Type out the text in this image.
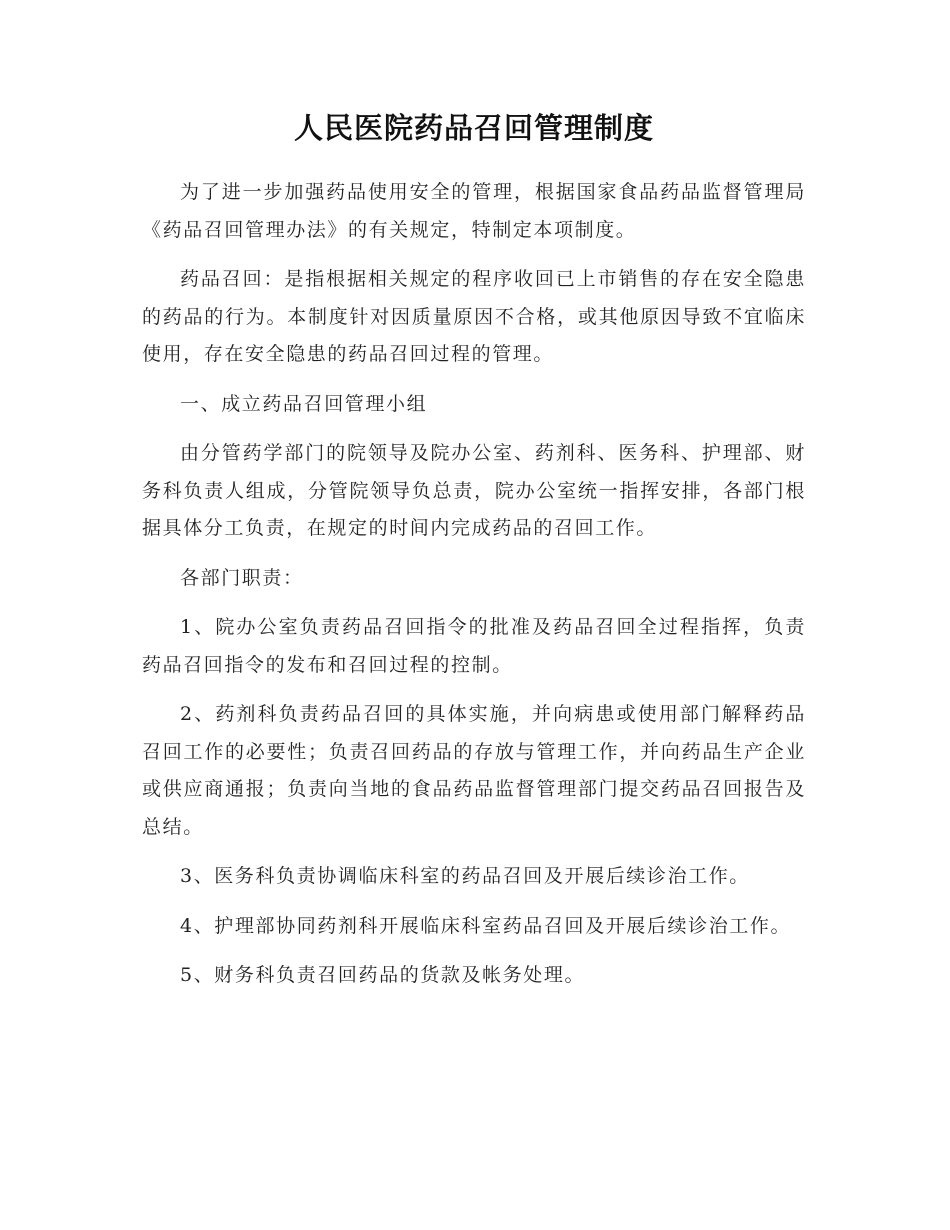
人民医院药品召回管理制度

为了进一步加强药品使用安全的管理，根据国家食品药品监督管理局《药品召回管理办法》的有关规定，特制定本项制度。

药品召回：是指根据相关规定的程序收回已上市销售的存在安全隐患的药品的行为。本制度针对因质量原因不合格，或其他原因导致不宜临床使用，存在安全隐患的药品召回过程的管理。

一、成立药品召回管理小组

由分管药学部门的院领导及院办公室、药剂科、医务科、护理部、财务科负责人组成，分管院领导负总责，院办公室统一指挥安排，各部门根据具体分工负责，在规定的时间内完成药品的召回工作。

各部门职责：

1、院办公室负责药品召回指令的批准及药品召回全过程指挥，负责药品召回指令的发布和召回过程的控制。

2、药剂科负责药品召回的具体实施，并向病患或使用部门解释药品召回工作的必要性；负责召回药品的存放与管理工作，并向药品生产企业或供应商通报；负责向当地的食品药品监督管理部门提交药品召回报告及总结。

3、医务科负责协调临床科室的药品召回及开展后续诊治工作。

4、护理部协同药剂科开展临床科室药品召回及开展后续诊治工作。

5、财务科负责召回药品的货款及帐务处理。
